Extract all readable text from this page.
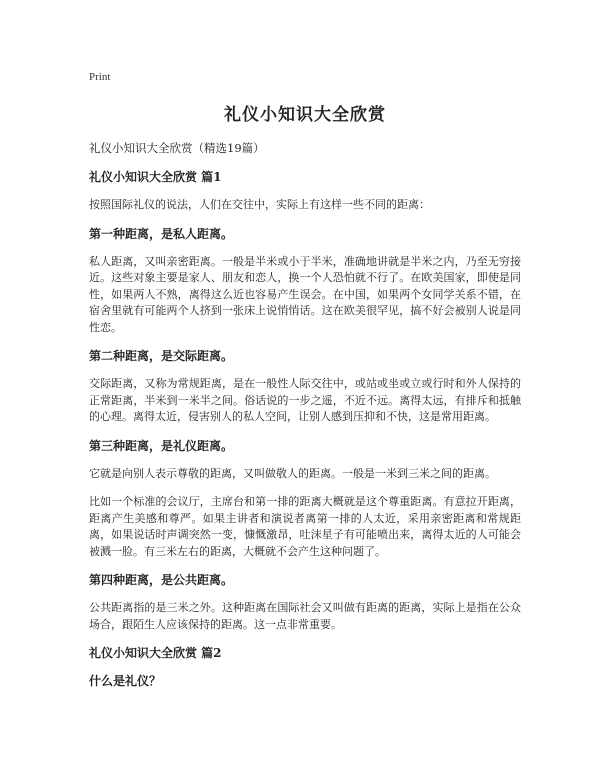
Print
礼仪小知识大全欣赏
礼仪小知识大全欣赏（精选19篇）
礼仪小知识大全欣赏 篇1
按照国际礼仪的说法，人们在交往中，实际上有这样一些不同的距离：
第一种距离，是私人距离。
私人距离，又叫亲密距离。一般是半米或小于半米，准确地讲就是半米之内，乃至无穷接近。这些对象主要是家人、朋友和恋人，换一个人恐怕就不行了。在欧美国家，即使是同性，如果两人不熟，离得这么近也容易产生误会。在中国，如果两个女同学关系不错，在宿舍里就有可能两个人挤到一张床上说悄悄话。这在欧美很罕见，搞不好会被别人说是同性恋。
第二种距离，是交际距离。
交际距离，又称为常规距离，是在一般性人际交往中，或站或坐或立或行时和外人保持的正常距离，半米到一米半之间。俗话说的一步之遥，不近不远。离得太远，有排斥和抵触的心理。离得太近，侵害别人的私人空间，让别人感到压抑和不快，这是常用距离。
第三种距离，是礼仪距离。
它就是向别人表示尊敬的距离，又叫做敬人的距离。一般是一米到三米之间的距离。
比如一个标准的会议厅，主席台和第一排的距离大概就是这个尊重距离。有意拉开距离，距离产生美感和尊严。如果主讲者和演说者离第一排的人太近，采用亲密距离和常规距离，如果说话时声调突然一变，慷慨激昂，吐沫星子有可能喷出来，离得太近的人可能会被溅一脸。有三米左右的距离，大概就不会产生这种问题了。
第四种距离，是公共距离。
公共距离指的是三米之外。这种距离在国际社会又叫做有距离的距离，实际上是指在公众场合，跟陌生人应该保持的距离。这一点非常重要。
礼仪小知识大全欣赏 篇2
什么是礼仪？
